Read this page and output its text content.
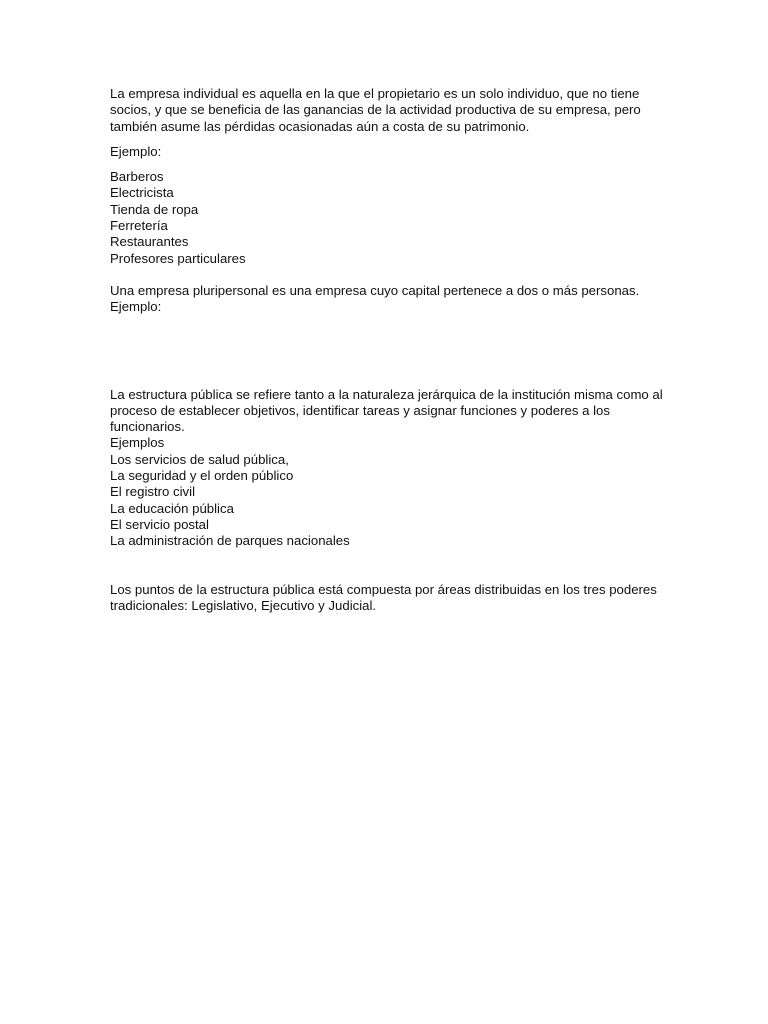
La empresa individual es aquella en la que el propietario es un solo individuo, que no tiene socios, y que se beneficia de las ganancias de la actividad productiva de su empresa, pero también asume las pérdidas ocasionadas aún a costa de su patrimonio.

Ejemplo:

Barberos
Electricista
Tienda de ropa
Ferretería
Restaurantes
Profesores particulares

Una empresa pluripersonal es una empresa cuyo capital pertenece a dos o más personas.

Ejemplo:

La estructura pública se refiere tanto a la naturaleza jerárquica de la institución misma como al proceso de establecer objetivos, identificar tareas y asignar funciones y poderes a los funcionarios.

Ejemplos
Los servicios de salud pública,
La seguridad y el orden público
El registro civil
La educación pública
El servicio postal
La administración de parques nacionales

Los puntos de la estructura pública está compuesta por áreas distribuidas en los tres poderes tradicionales: Legislativo, Ejecutivo y Judicial.
